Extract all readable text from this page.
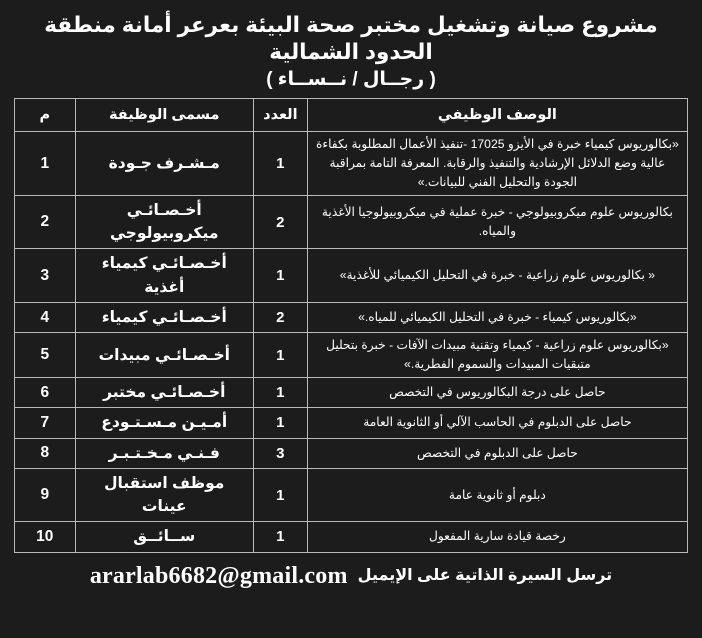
مشروع صيانة وتشغيل مختبر صحة البيئة بعرعر أمانة منطقة الحدود الشمالية
( رجــال / نــســاء )
الوصف الوظيفي	العدد	مسمى الوظيفة	م
«بكالوريوس كيمياء خبرة في الأيزو 17025 -تنفيذ الأعمال المطلوبة بكفاءة عالية وضع الدلائل الإرشادية والتنفيذ والرقابة. المعرفة التامة بمراقبة الجودة والتحليل الفني للبيانات.»	1	مـشـرف جـودة	1
بكالوريوس علوم ميكروبيولوجي - خبرة عملية في ميكروبيولوجيا الأغذية والمياه.	2	أخـصـائـي ميكروبيولوجي	2
« بكالوريوس علوم زراعية - خبرة في التحليل الكيميائي للأغذية»	1	أخـصـائـي كيمياء أغذية	3
«بكالوريوس كيمياء - خبرة في التحليل الكيميائي للمياه.»	2	أخـصـائـي كيمياء	4
«بكالوريوس علوم زراعية - كيمياء وتقنية مبيدات الآفات - خبرة بتحليل متبقيات المبيدات والسموم الفطرية.»	1	أخـصـائـي مبيدات	5
حاصل على درجة البكالوريوس في التخصص	1	أخـصـائـي مختبر	6
حاصل على الدبلوم في الحاسب الآلي أو الثانوية العامة	1	أمـيـن مـسـتـودع	7
حاصل على الدبلوم في التخصص	3	فـنـي مـخـتـبـر	8
دبلوم أو ثانوية عامة	1	موظف استقبال عينات	9
رخصة قيادة سارية المفعول	1	ســائــق	10
ترسل السيرة الذاتية على الإيميل
ararlab6682@gmail.com
